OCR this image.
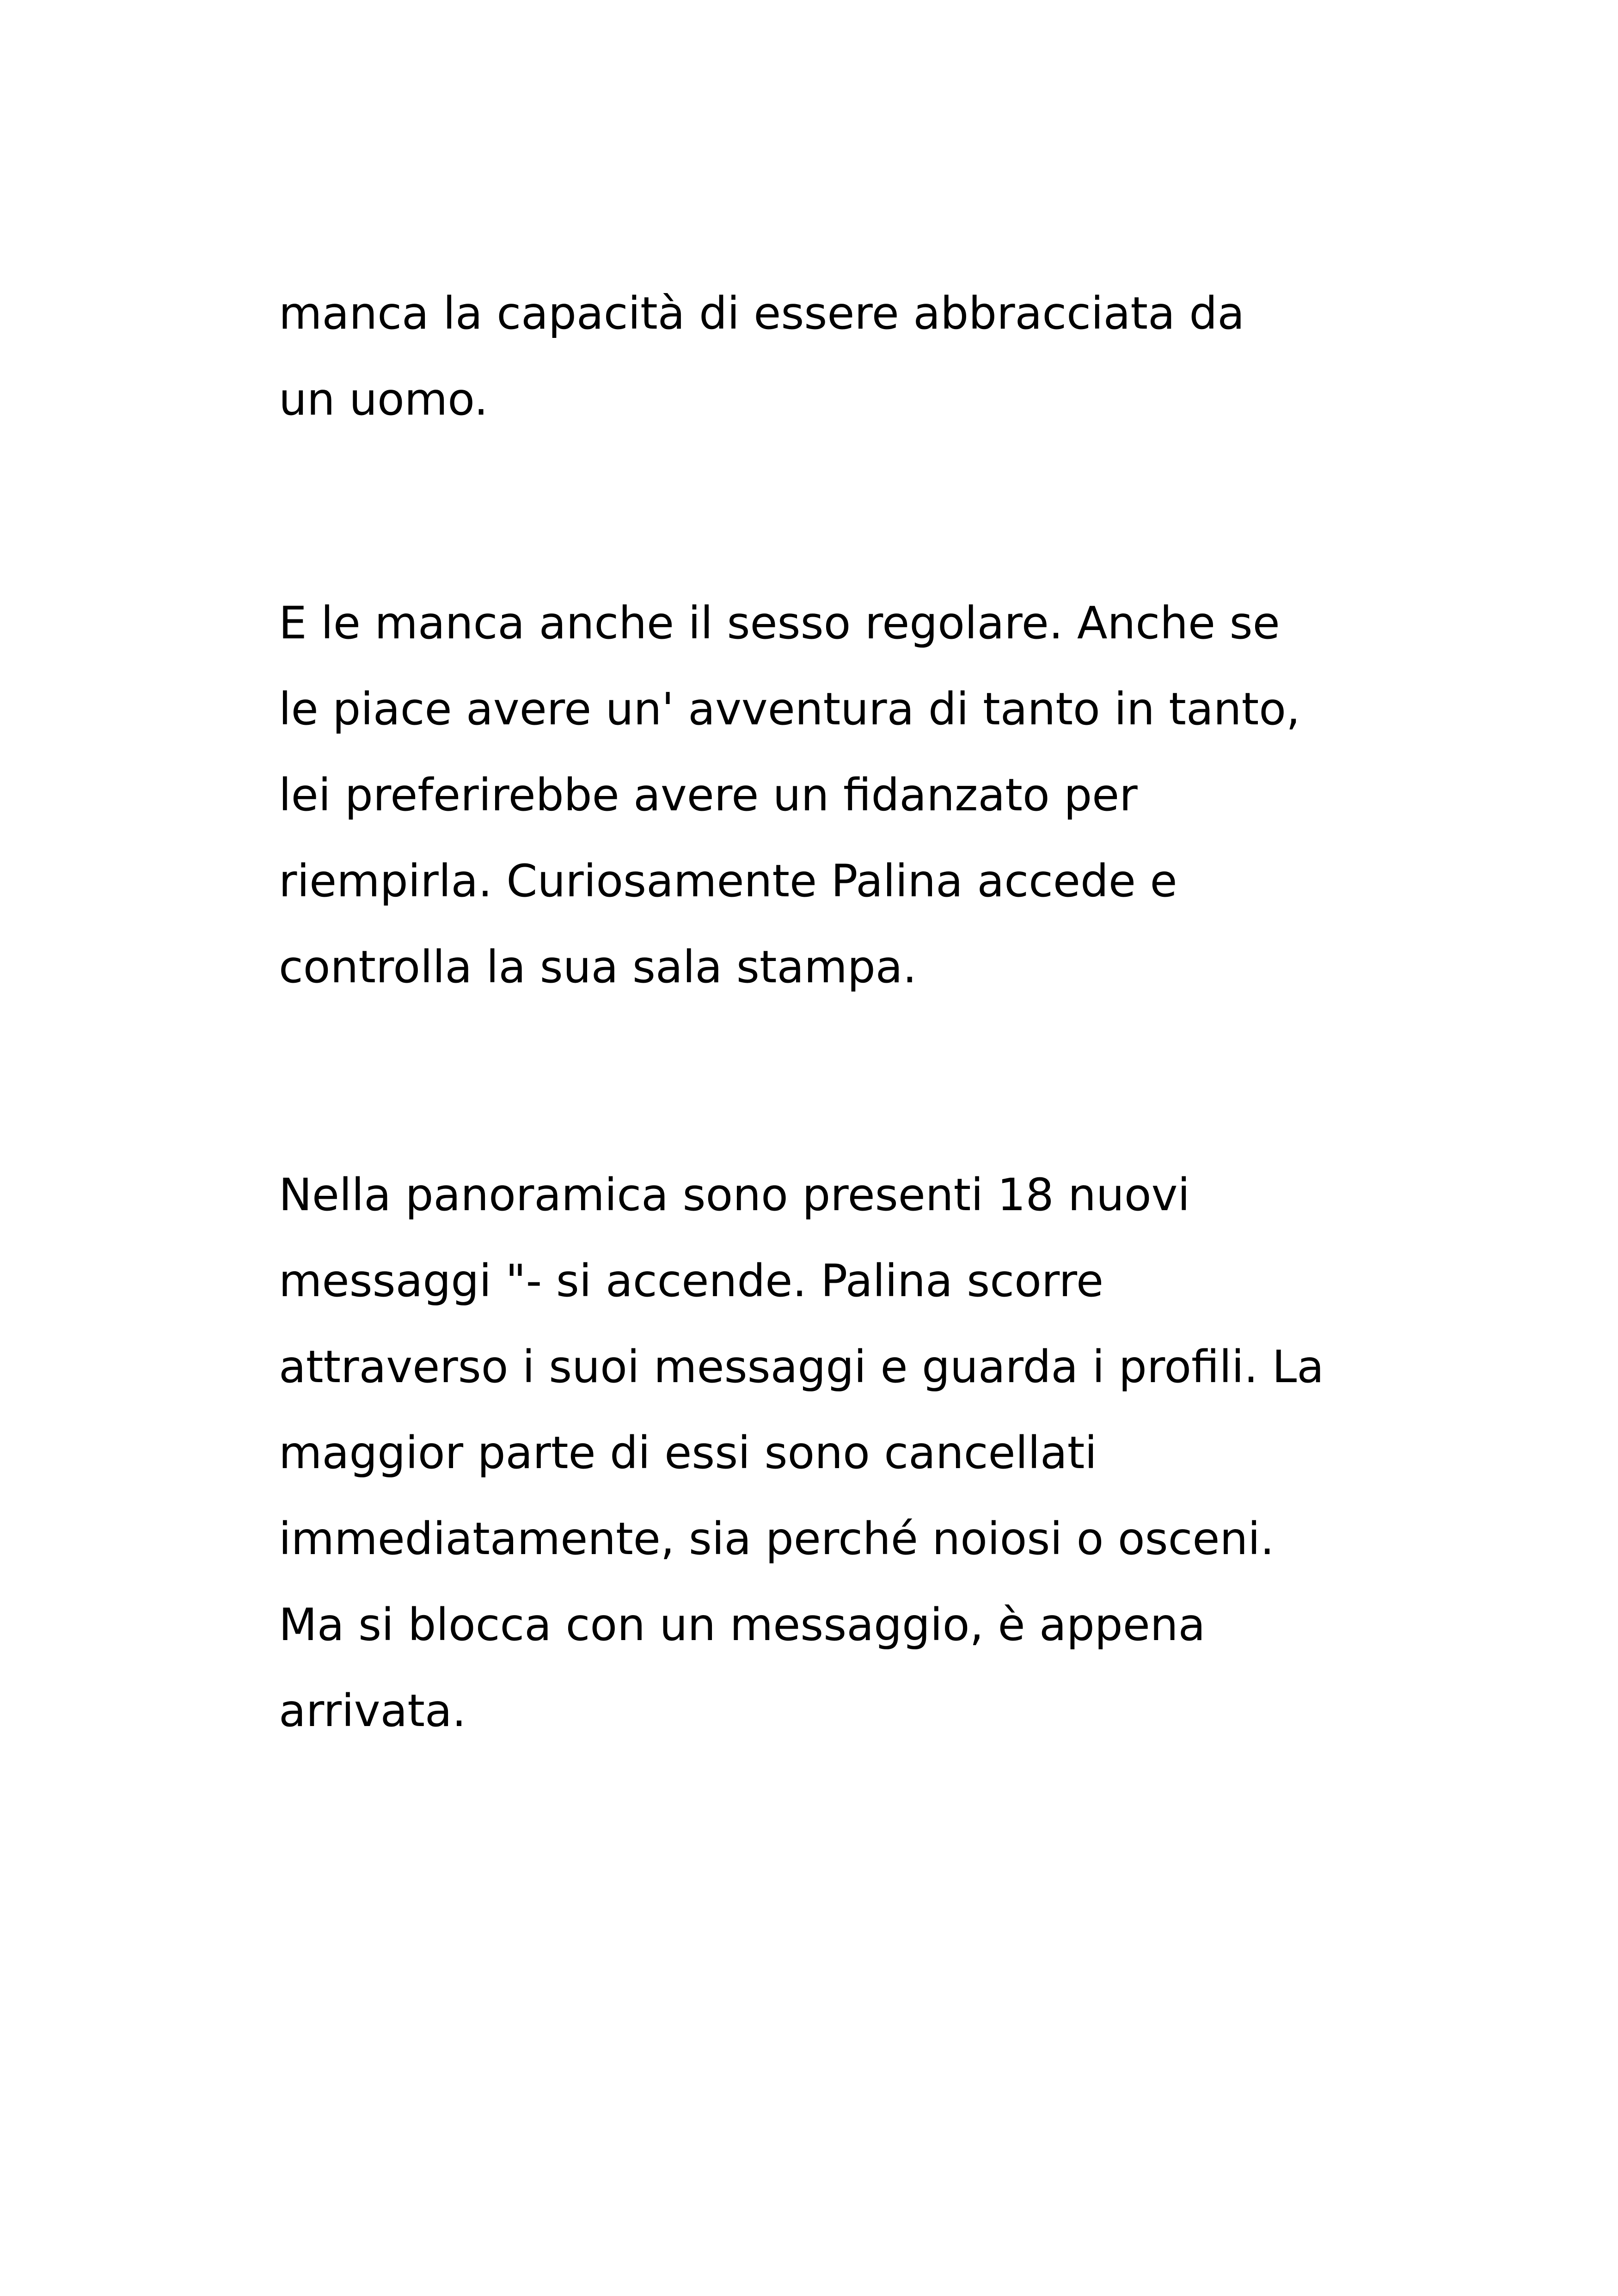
manca la capacità di essere abbracciata da
un uomo.
E le manca anche il sesso regolare. Anche se
le piace avere un' avventura di tanto in tanto,
lei preferirebbe avere un fidanzato per
riempirla. Curiosamente Palina accede e
controlla la sua sala stampa.
Nella panoramica sono presenti 18 nuovi
messaggi "- si accende. Palina scorre
attraverso i suoi messaggi e guarda i profili. La
maggior parte di essi sono cancellati
immediatamente, sia perché noiosi o osceni.
Ma si blocca con un messaggio, è appena
arrivata.
